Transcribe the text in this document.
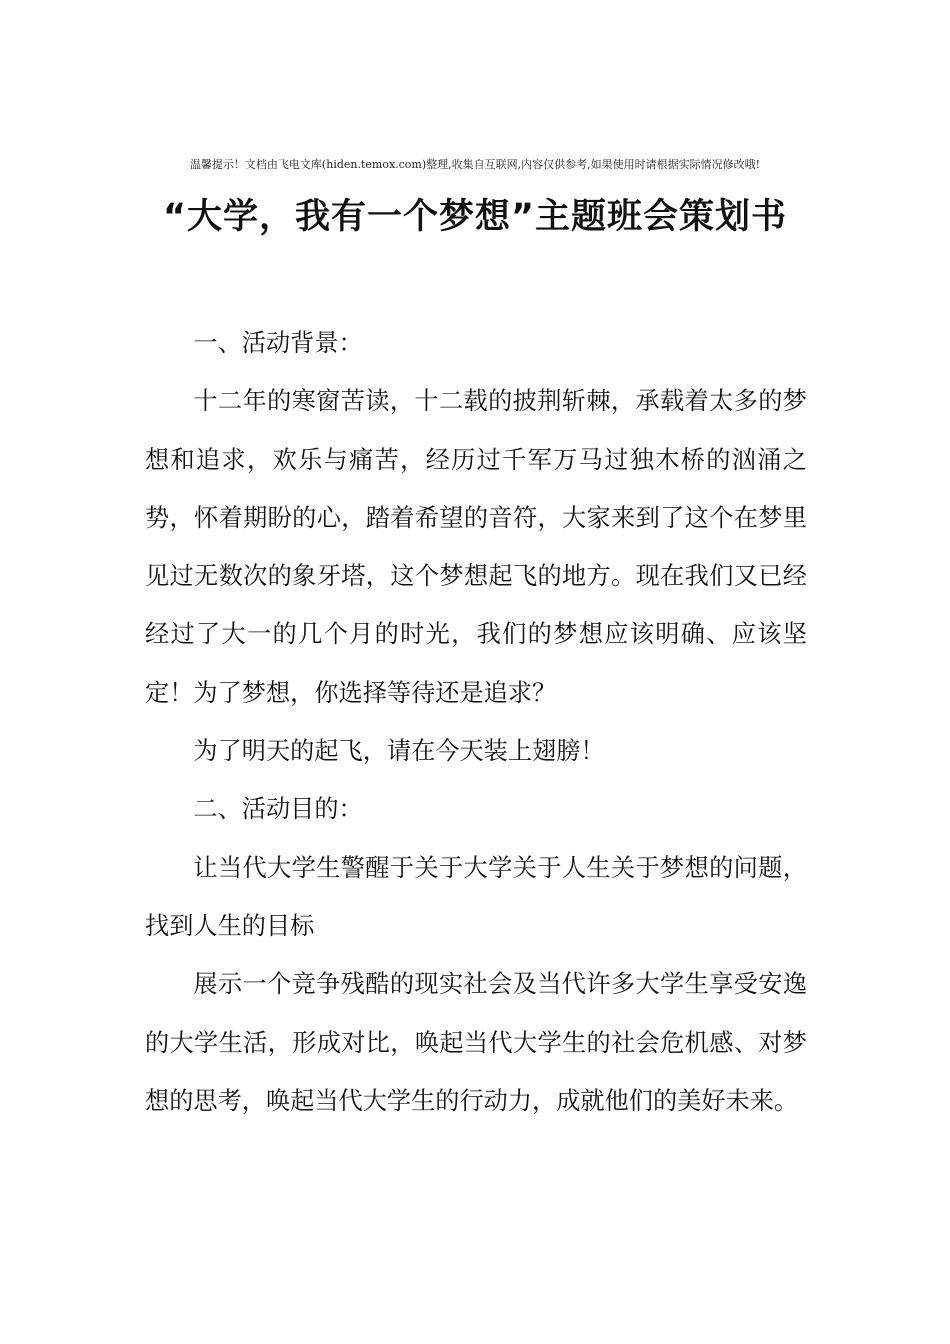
温馨提示！文档由飞电文库(hiden.temox.com)整理,收集自互联网,内容仅供参考,如果使用时请根据实际情况修改哦!
“大学，我有一个梦想”主题班会策划书

一、活动背景：

十二年的寒窗苦读，十二载的披荆斩棘，承载着太多的梦想和追求，欢乐与痛苦，经历过千军万马过独木桥的汹涌之势，怀着期盼的心，踏着希望的音符，大家来到了这个在梦里见过无数次的象牙塔，这个梦想起飞的地方。现在我们又已经经过了大一的几个月的时光，我们的梦想应该明确、应该坚定！为了梦想，你选择等待还是追求？

为了明天的起飞，请在今天装上翅膀！

二、活动目的：

让当代大学生警醒于关于大学关于人生关于梦想的问题，找到人生的目标

展示一个竞争残酷的现实社会及当代许多大学生享受安逸的大学生活，形成对比，唤起当代大学生的社会危机感、对梦想的思考，唤起当代大学生的行动力，成就他们的美好未来。
